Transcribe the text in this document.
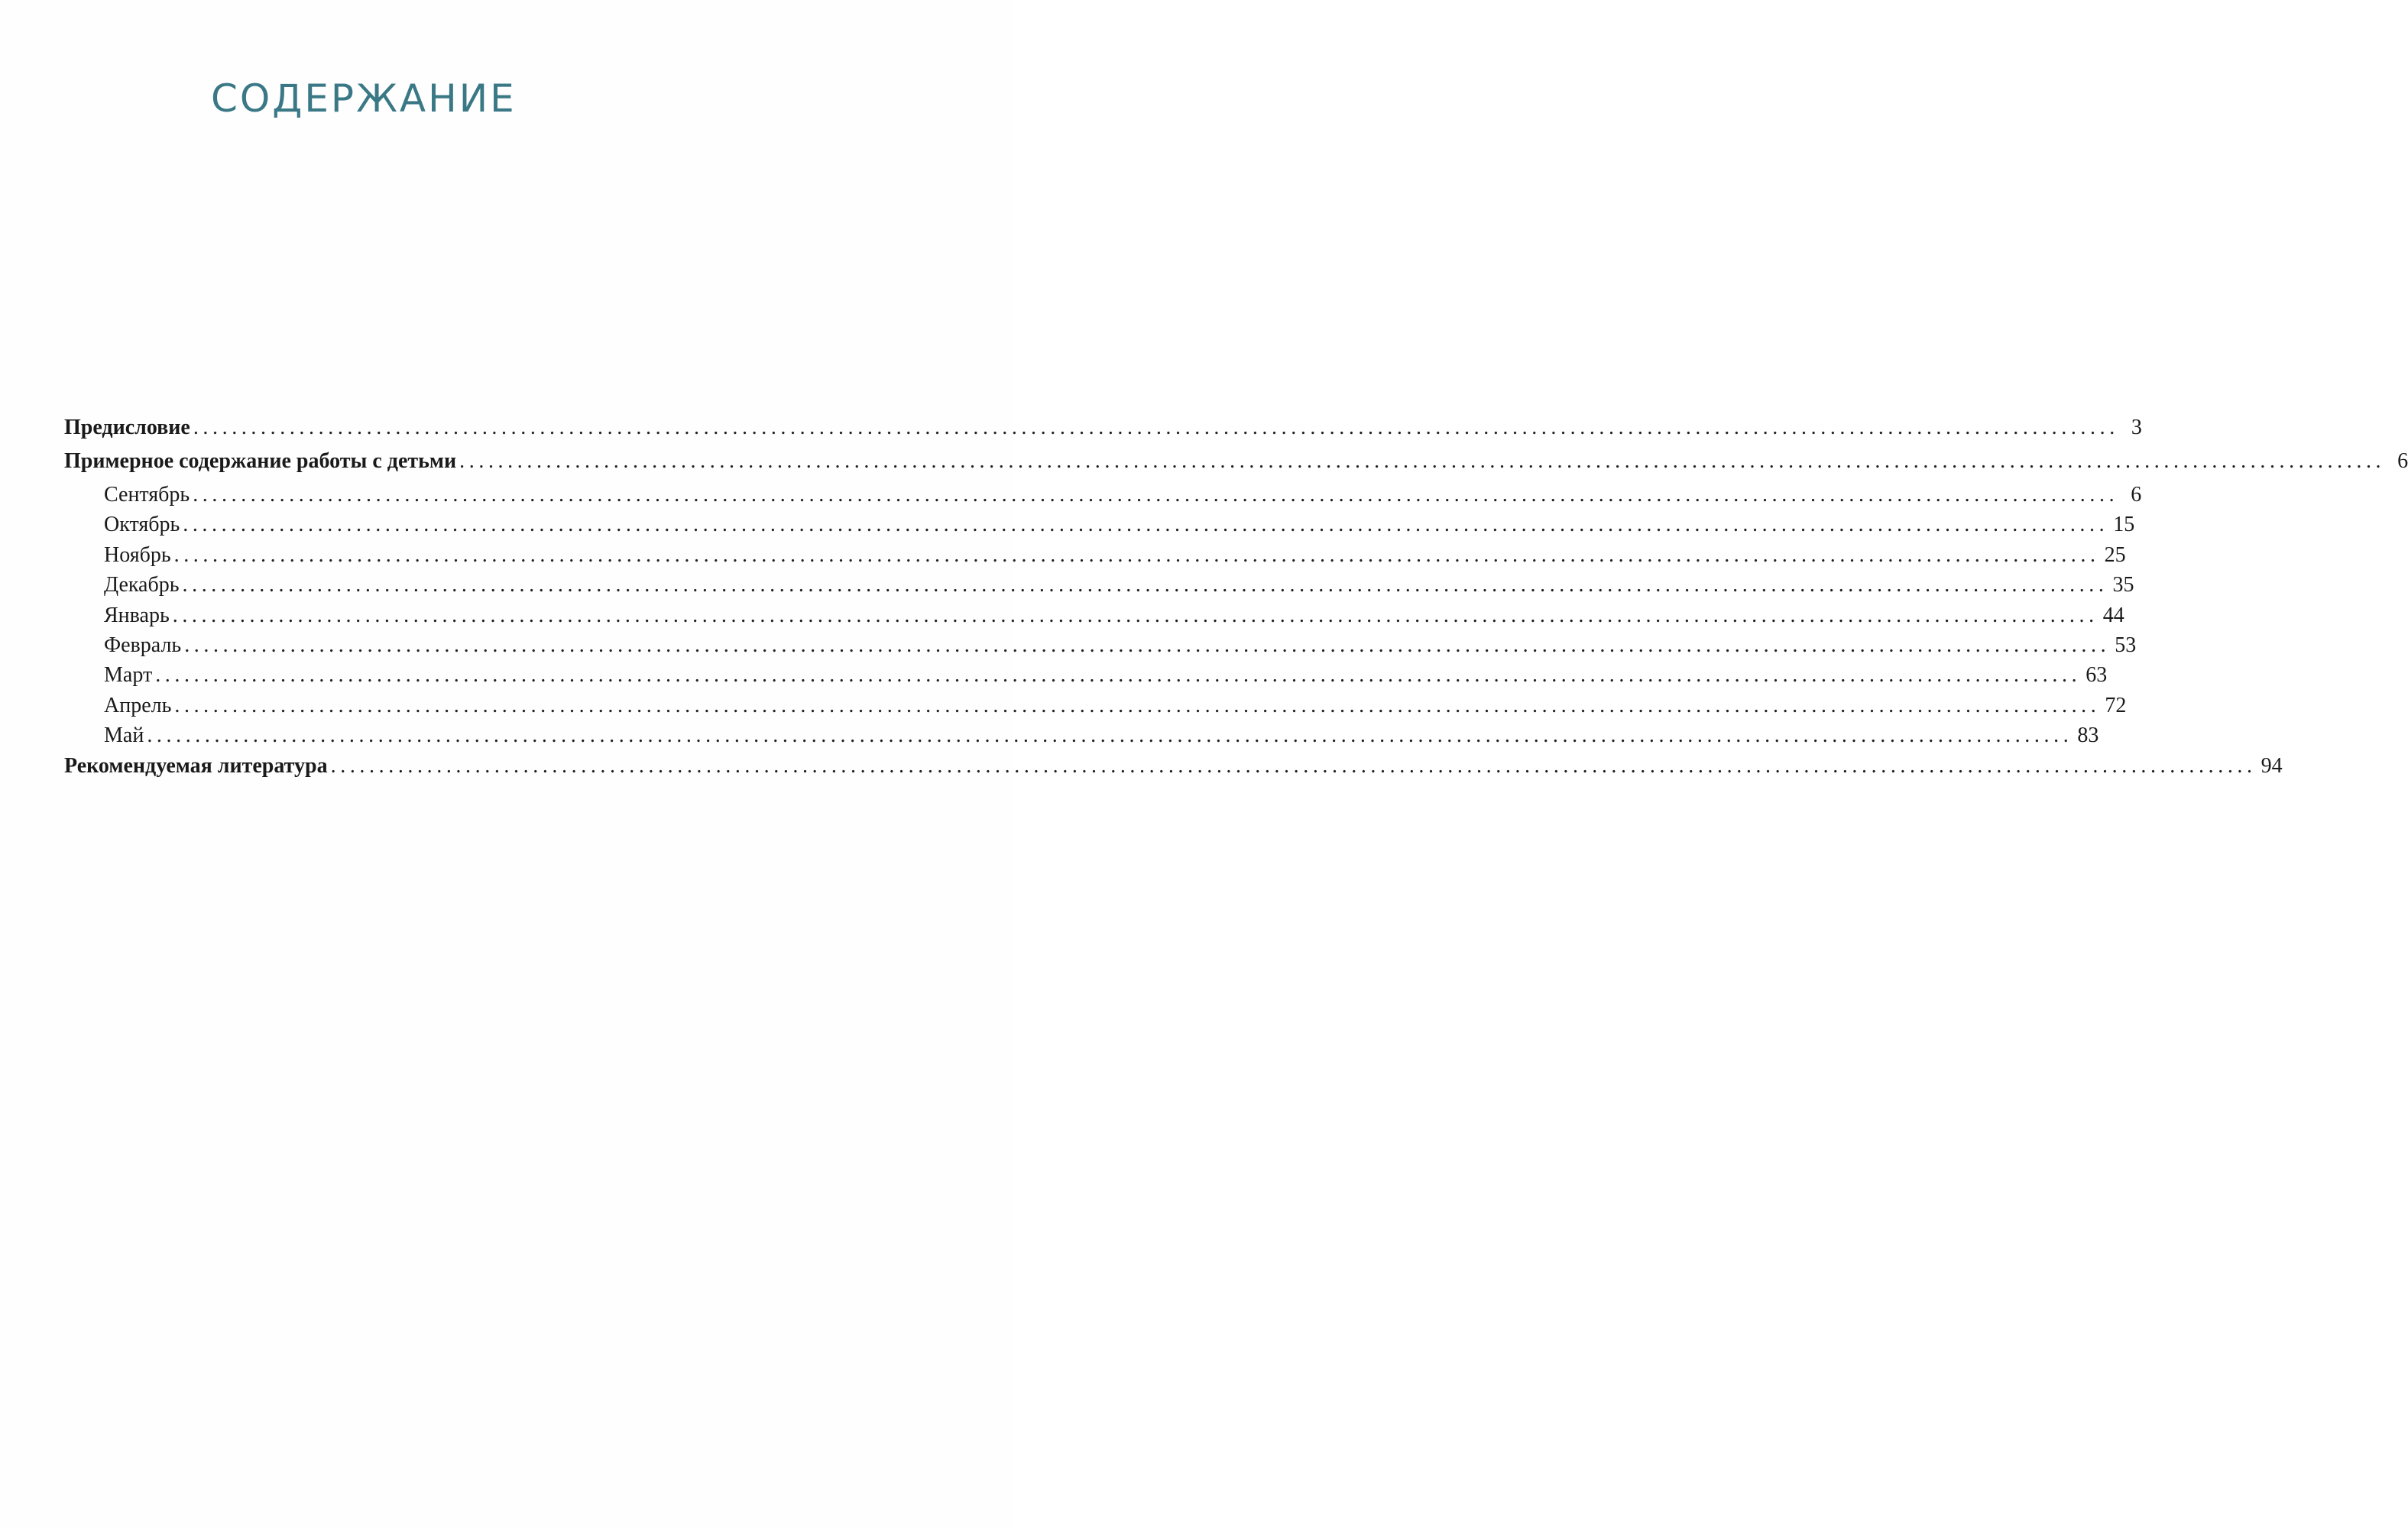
СОДЕРЖАНИЕ
Предисловие ........................................................................................................................................................................................................ 3
Примерное содержание работы с детьми ........................................................................................................................................................................................................ 6
Сентябрь ........................................................................................................................................................................................................ 6
Октябрь ........................................................................................................................................................................................................ 15
Ноябрь ........................................................................................................................................................................................................ 25
Декабрь ........................................................................................................................................................................................................ 35
Январь ........................................................................................................................................................................................................ 44
Февраль ........................................................................................................................................................................................................ 53
Март ........................................................................................................................................................................................................ 63
Апрель ........................................................................................................................................................................................................ 72
Май ........................................................................................................................................................................................................ 83
Рекомендуемая литература ........................................................................................................................................................................................................ 94
